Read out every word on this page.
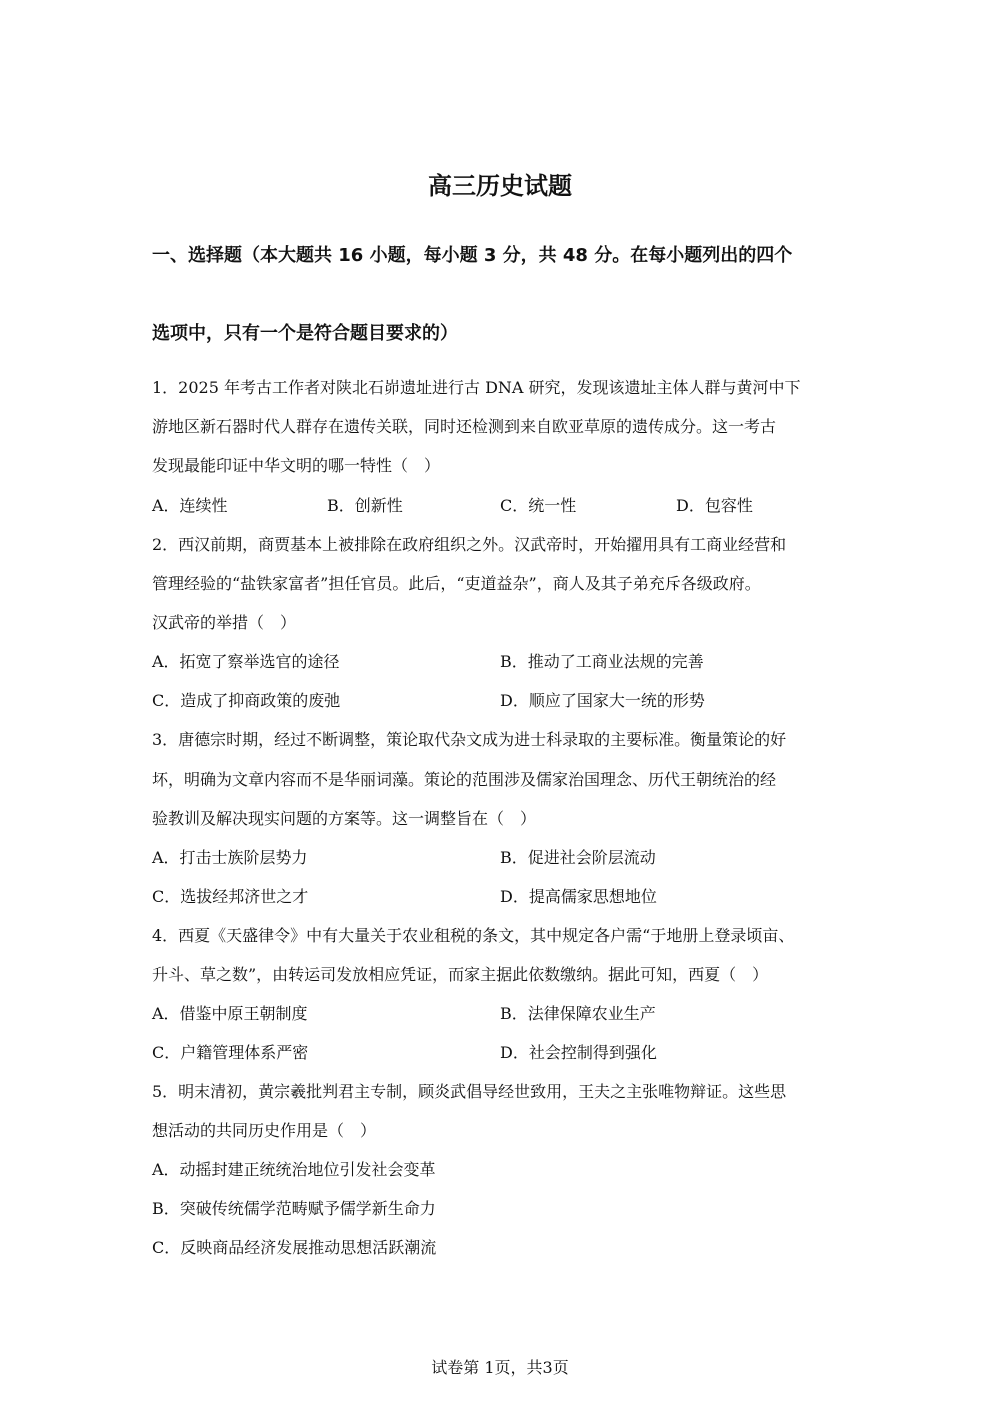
高三历史试题
一、选择题（本大题共 16 小题，每小题 3 分，共 48 分。在每小题列出的四个
选项中，只有一个是符合题目要求的）
1．2025 年考古工作者对陕北石峁遗址进行古 DNA 研究，发现该遗址主体人群与黄河中下
游地区新石器时代人群存在遗传关联，同时还检测到来自欧亚草原的遗传成分。这一考古
发现最能印证中华文明的哪一特性（　）
A．连续性	B．创新性	C．统一性	D．包容性
2．西汉前期，商贾基本上被排除在政府组织之外。汉武帝时，开始擢用具有工商业经营和
管理经验的“盐铁家富者”担任官员。此后，“吏道益杂”，商人及其子弟充斥各级政府。
汉武帝的举措（　）
A．拓宽了察举选官的途径	B．推动了工商业法规的完善
C．造成了抑商政策的废弛	D．顺应了国家大一统的形势
3．唐德宗时期，经过不断调整，策论取代杂文成为进士科录取的主要标准。衡量策论的好
坏，明确为文章内容而不是华丽词藻。策论的范围涉及儒家治国理念、历代王朝统治的经
验教训及解决现实问题的方案等。这一调整旨在（　）
A．打击士族阶层势力	B．促进社会阶层流动
C．选拔经邦济世之才	D．提高儒家思想地位
4．西夏《天盛律令》中有大量关于农业租税的条文，其中规定各户需“于地册上登录顷亩、
升斗、草之数”，由转运司发放相应凭证，而家主据此依数缴纳。据此可知，西夏（　）
A．借鉴中原王朝制度	B．法律保障农业生产
C．户籍管理体系严密	D．社会控制得到强化
5．明末清初，黄宗羲批判君主专制，顾炎武倡导经世致用，王夫之主张唯物辩证。这些思
想活动的共同历史作用是（　）
A．动摇封建正统统治地位引发社会变革
B．突破传统儒学范畴赋予儒学新生命力
C．反映商品经济发展推动思想活跃潮流
试卷第 1页，共3页
